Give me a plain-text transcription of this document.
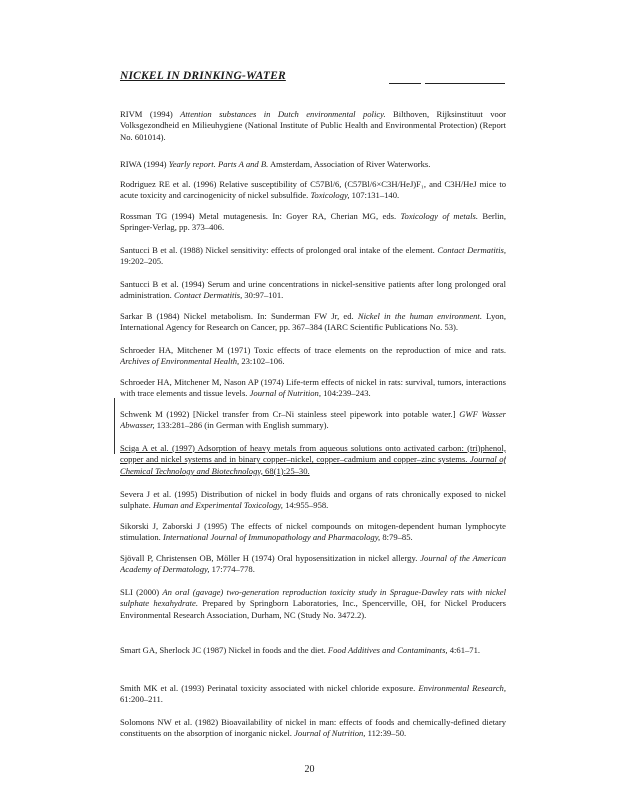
NICKEL IN DRINKING-WATER

RIVM (1994) Attention substances in Dutch environmental policy. Bilthoven, Rijksinstituut voor Volksgezondheid en Milieuhygiene (National Institute of Public Health and Environmental Protection) (Report No. 601014).

RIWA (1994) Yearly report. Parts A and B. Amsterdam, Association of River Waterworks.

Rodriguez RE et al. (1996) Relative susceptibility of C57Bl/6, (C57Bl/6×C3H/HeJ)F₁, and C3H/HeJ mice to acute toxicity and carcinogenicity of nickel subsulfide. Toxicology, 107:131–140.

Rossman TG (1994) Metal mutagenesis. In: Goyer RA, Cherian MG, eds. Toxicology of metals. Berlin, Springer-Verlag, pp. 373–406.

Santucci B et al. (1988) Nickel sensitivity: effects of prolonged oral intake of the element. Contact Dermatitis, 19:202–205.

Santucci B et al. (1994) Serum and urine concentrations in nickel-sensitive patients after long prolonged oral administration. Contact Dermatitis, 30:97–101.

Sarkar B (1984) Nickel metabolism. In: Sunderman FW Jr, ed. Nickel in the human environment. Lyon, International Agency for Research on Cancer, pp. 367–384 (IARC Scientific Publications No. 53).

Schroeder HA, Mitchener M (1971) Toxic effects of trace elements on the reproduction of mice and rats. Archives of Environmental Health, 23:102–106.

Schroeder HA, Mitchener M, Nason AP (1974) Life-term effects of nickel in rats: survival, tumors, interactions with trace elements and tissue levels. Journal of Nutrition, 104:239–243.

Schwenk M (1992) [Nickel transfer from Cr–Ni stainless steel pipework into potable water.] GWF Wasser Abwasser, 133:281–286 (in German with English summary).

Sciga A et al. (1997) Adsorption of heavy metals from aqueous solutions onto activated carbon: (tri)phenol, copper and nickel systems and in binary copper–nickel, copper–cadmium and copper–zinc systems. Journal of Chemical Technology and Biotechnology, 68(1):25–30.

Severa J et al. (1995) Distribution of nickel in body fluids and organs of rats chronically exposed to nickel sulphate. Human and Experimental Toxicology, 14:955–958.

Sikorski J, Zaborski J (1995) The effects of nickel compounds on mitogen-dependent human lymphocyte stimulation. International Journal of Immunopathology and Pharmacology, 8:79–85.

Sjövall P, Christensen OB, Möller H (1974) Oral hyposensitization in nickel allergy. Journal of the American Academy of Dermatology, 17:774–778.

SLI (2000) An oral (gavage) two-generation reproduction toxicity study in Sprague-Dawley rats with nickel sulphate hexahydrate. Prepared by Springborn Laboratories, Inc., Spencerville, OH, for Nickel Producers Environmental Research Association, Durham, NC (Study No. 3472.2).

Smart GA, Sherlock JC (1987) Nickel in foods and the diet. Food Additives and Contaminants, 4:61–71.

Smith MK et al. (1993) Perinatal toxicity associated with nickel chloride exposure. Environmental Research, 61:200–211.

Solomons NW et al. (1982) Bioavailability of nickel in man: effects of foods and chemically-defined dietary constituents on the absorption of inorganic nickel. Journal of Nutrition, 112:39–50.

20
